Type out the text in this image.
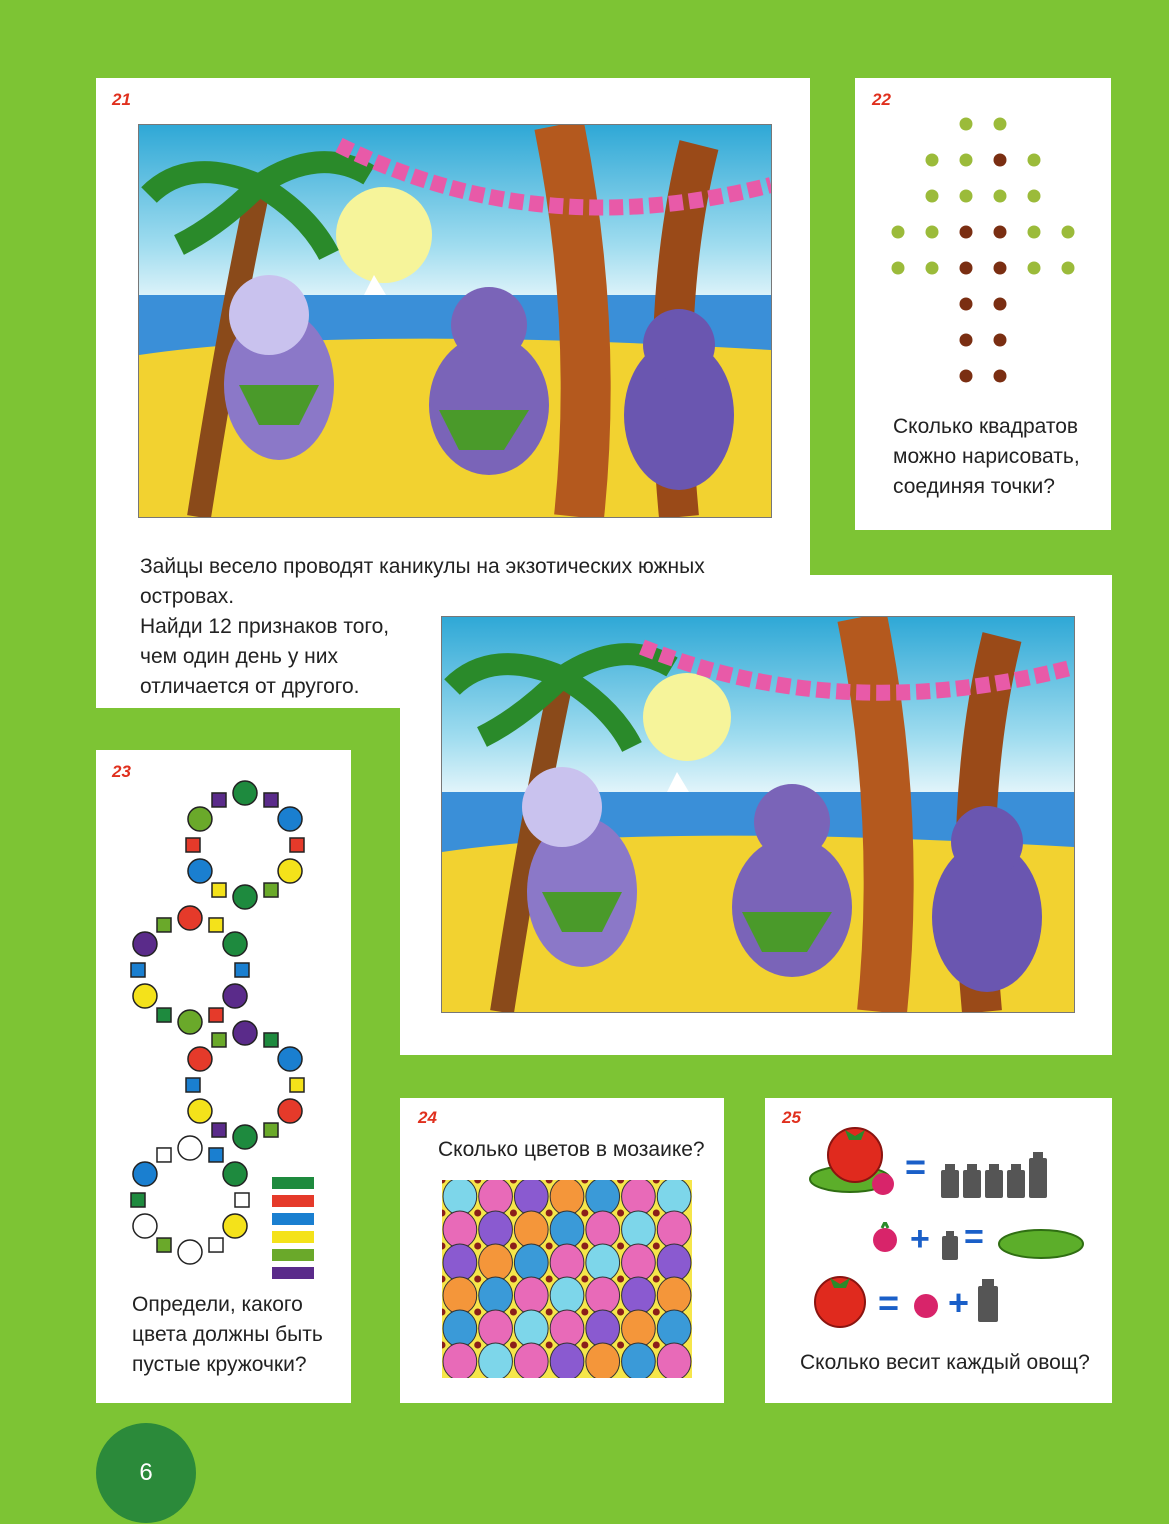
21
Зайцы весело проводят каникулы на экзотических южных островах.
Найди 12 признаков того,
чем один день у них
отличается от другого.
22
Сколько квадратов
можно нарисовать,
соединяя точки?
23
Определи, какого
цвета должны быть
пустые кружочки?
24
Сколько цветов в мозаике?
25
=
+ =
= +
Сколько весит каждый овощ?
6
